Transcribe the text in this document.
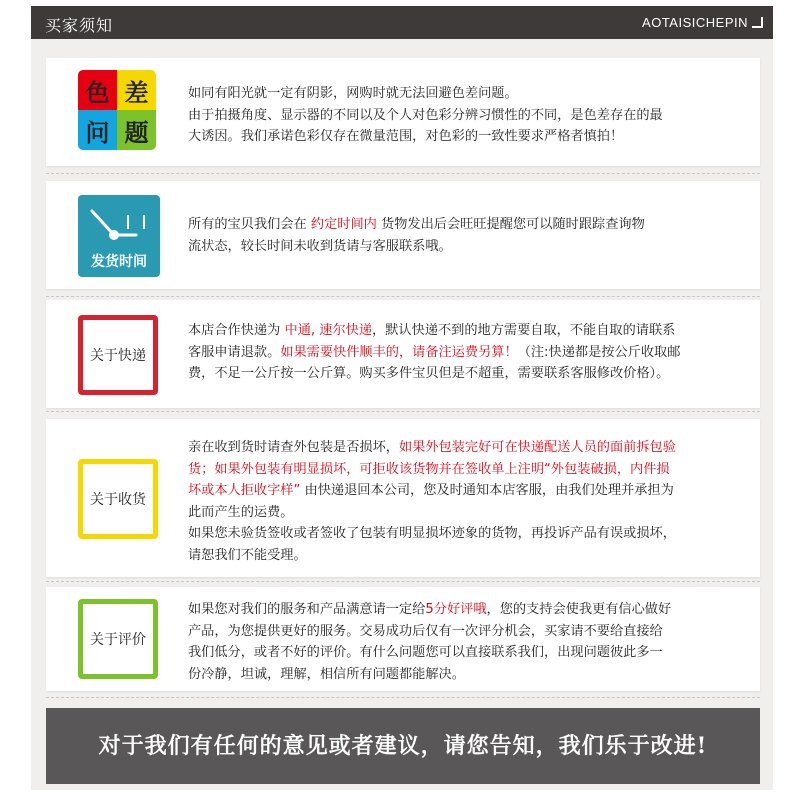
买家须知	AOTAISICHEPIN
色 差
问 题
如同有阳光就一定有阴影，网购时就无法回避色差问题。
由于拍摄角度、显示器的不同以及个人对色彩分辨习惯性的不同，是色差存在的最
大诱因。我们承诺色彩仅存在微量范围，对色彩的一致性要求严格者慎拍！
发货时间
所有的宝贝我们会在 约定时间内 货物发出后会旺旺提醒您可以随时跟踪查询物
流状态，较长时间未收到货请与客服联系哦。
关于快递
本店合作快递为 中通, 速尔快递，默认快递不到的地方需要自取，不能自取的请联系
客服申请退款。如果需要快件顺丰的，请备注运费另算！（注:快递都是按公斤收取邮
费，不足一公斤按一公斤算。购买多件宝贝但是不超重，需要联系客服修改价格）。
关于收货
亲在收到货时请查外包装是否损坏，如果外包装完好可在快递配送人员的面前拆包验
货；如果外包装有明显损坏，可拒收该货物并在签收单上注明“外包装破损，内件损
坏或本人拒收字样” 由快递退回本公司，您及时通知本店客服，由我们处理并承担为
此而产生的运费。
如果您未验货签收或者签收了包装有明显损坏迹象的货物，再投诉产品有误或损坏，
请恕我们不能受理。
关于评价
如果您对我们的服务和产品满意请一定给5分好评哦，您的支持会使我更有信心做好
产品，为您提供更好的服务。交易成功后仅有一次评分机会，买家请不要给直接给
我们低分，或者不好的评价。有什么问题您可以直接联系我们，出现问题彼此多一
份冷静，坦诚，理解，相信所有问题都能解决。
对于我们有任何的意见或者建议，请您告知，我们乐于改进!
